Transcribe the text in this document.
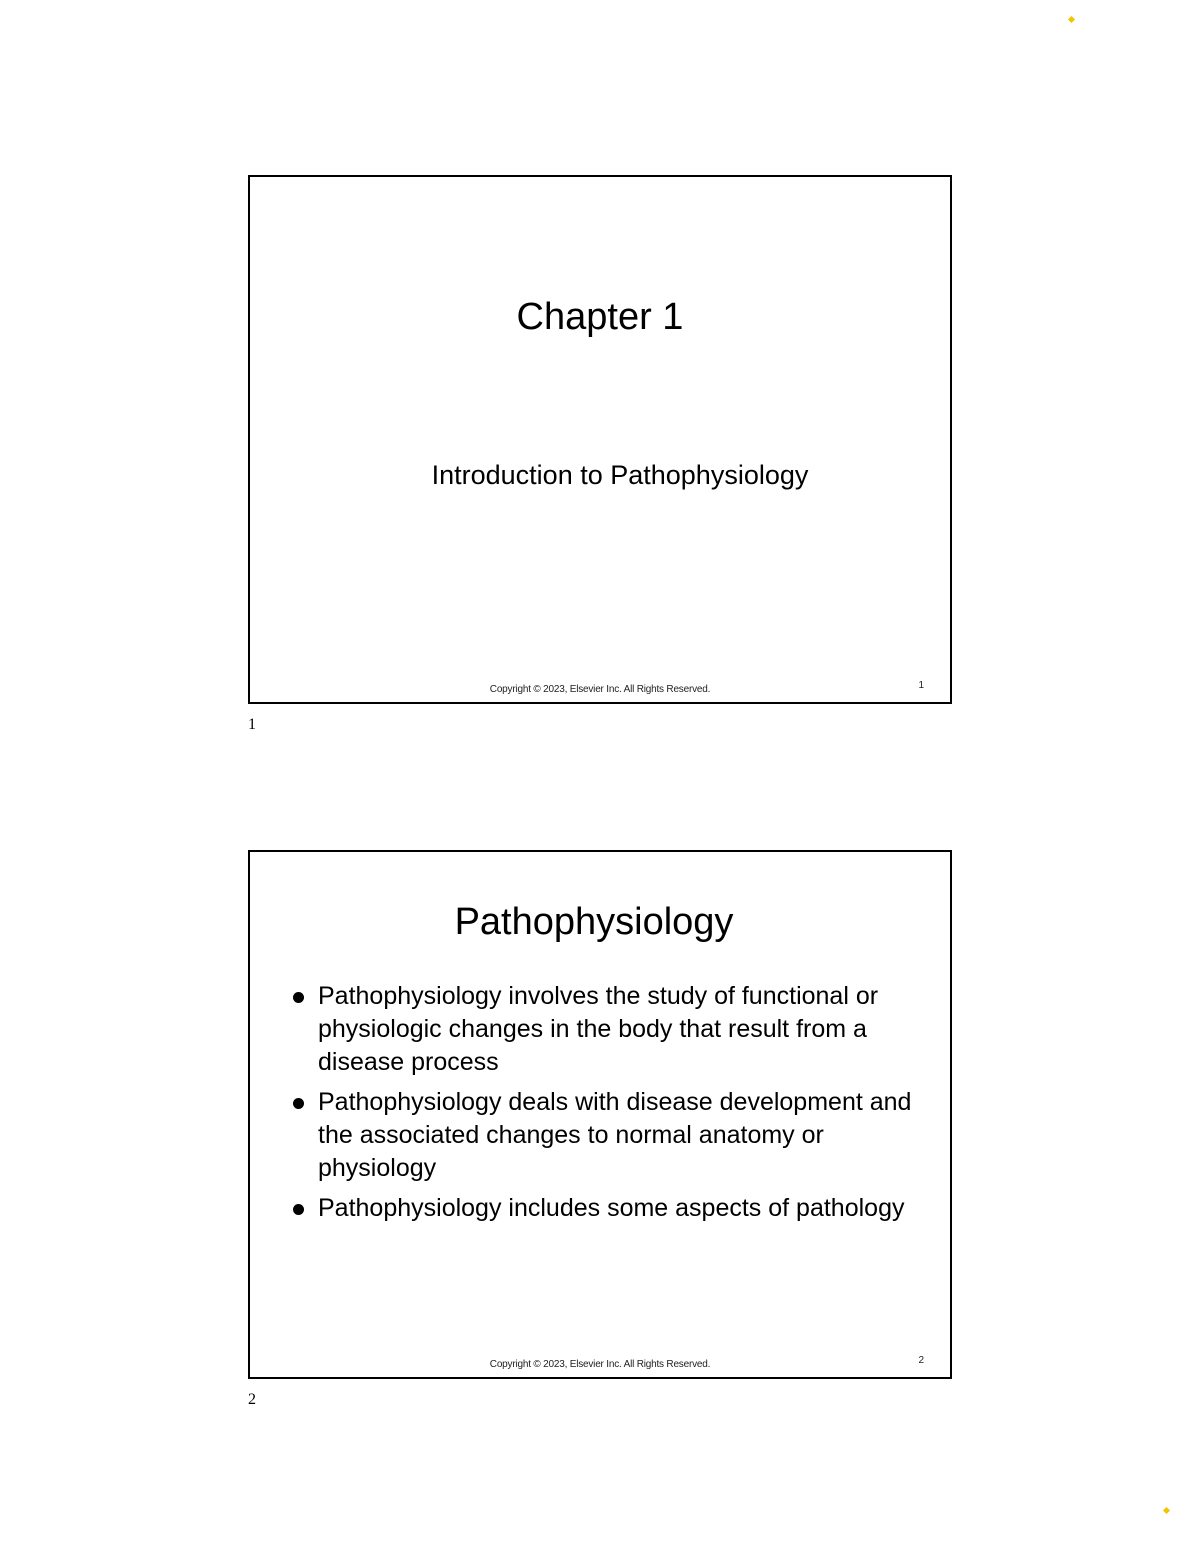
Chapter 1
Introduction to Pathophysiology
Copyright © 2023, Elsevier Inc. All Rights Reserved.	1
1
Pathophysiology
Pathophysiology involves the study of functional or physiologic changes in the body that result from a disease process
Pathophysiology deals with disease development and the associated changes to normal anatomy or physiology
Pathophysiology includes some aspects of pathology
Copyright © 2023, Elsevier Inc. All Rights Reserved.	2
2
